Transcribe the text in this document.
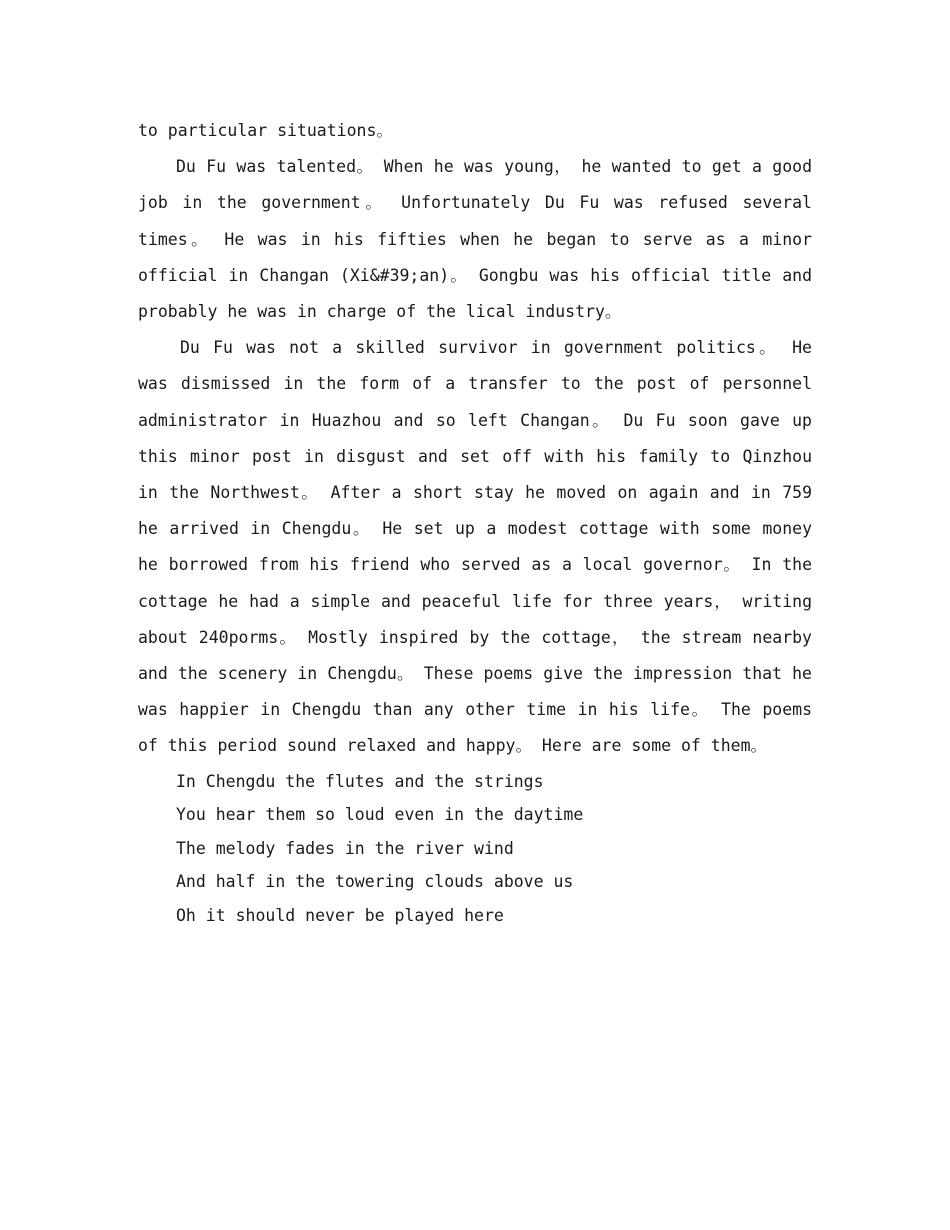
to particular situations。

Du Fu was talented。 When he was young， he wanted to get a good job in the government。 Unfortunately Du Fu was refused several times。 He was in his fifties when he began to serve as a minor official in Changan (Xi&#39;an)。 Gongbu was his official title and probably he was in charge of the lical industry。

Du Fu was not a skilled survivor in government politics。 He was dismissed in the form of a transfer to the post of personnel administrator in Huazhou and so left Changan。 Du Fu soon gave up this minor post in disgust and set off with his family to Qinzhou in the Northwest。 After a short stay he moved on again and in 759 he arrived in Chengdu。 He set up a modest cottage with some money he borrowed from his friend who served as a local governor。 In the cottage he had a simple and peaceful life for three years， writing about 240porms。 Mostly inspired by the cottage， the stream nearby and the scenery in Chengdu。 These poems give the impression that he was happier in Chengdu than any other time in his life。 The poems of this period sound relaxed and happy。 Here are some of them。

In Chengdu the flutes and the strings
You hear them so loud even in the daytime
The melody fades in the river wind
And half in the towering clouds above us
Oh it should never be played here
